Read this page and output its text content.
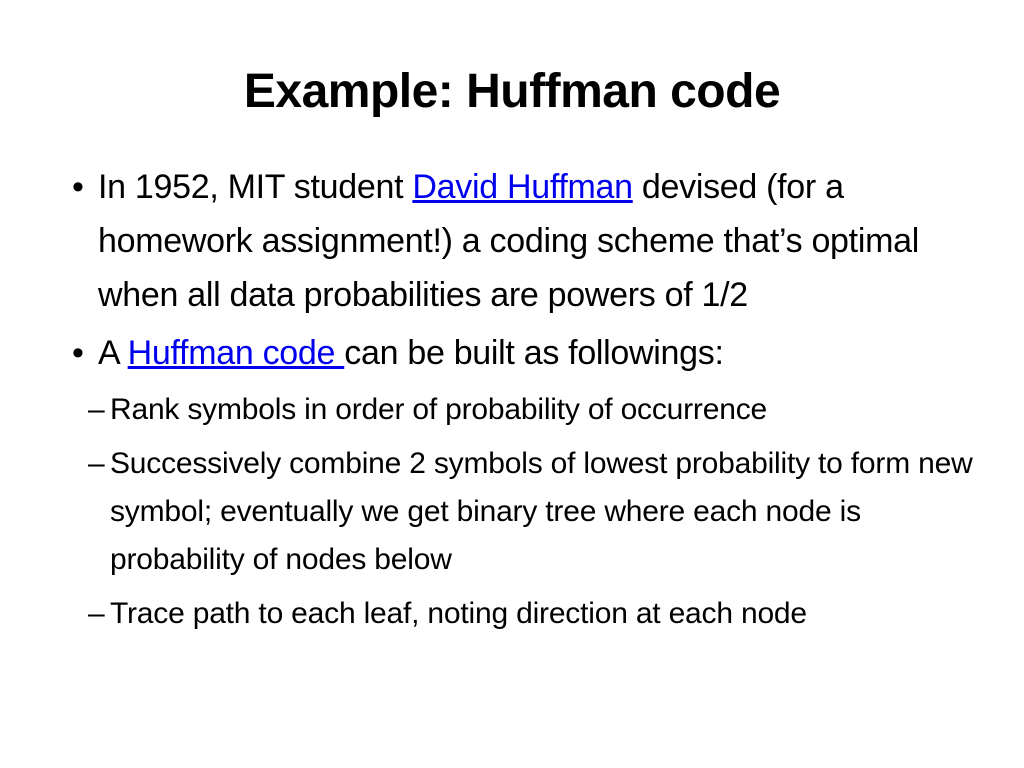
Example: Huffman code
• In 1952, MIT student David Huffman devised (for a homework assignment!) a coding scheme that’s optimal when all data probabilities are powers of 1/2
• A Huffman code can be built as followings:
– Rank symbols in order of probability of occurrence
– Successively combine 2 symbols of lowest probability to form new symbol; eventually we get binary tree where each node is probability of nodes below
– Trace path to each leaf, noting direction at each node
